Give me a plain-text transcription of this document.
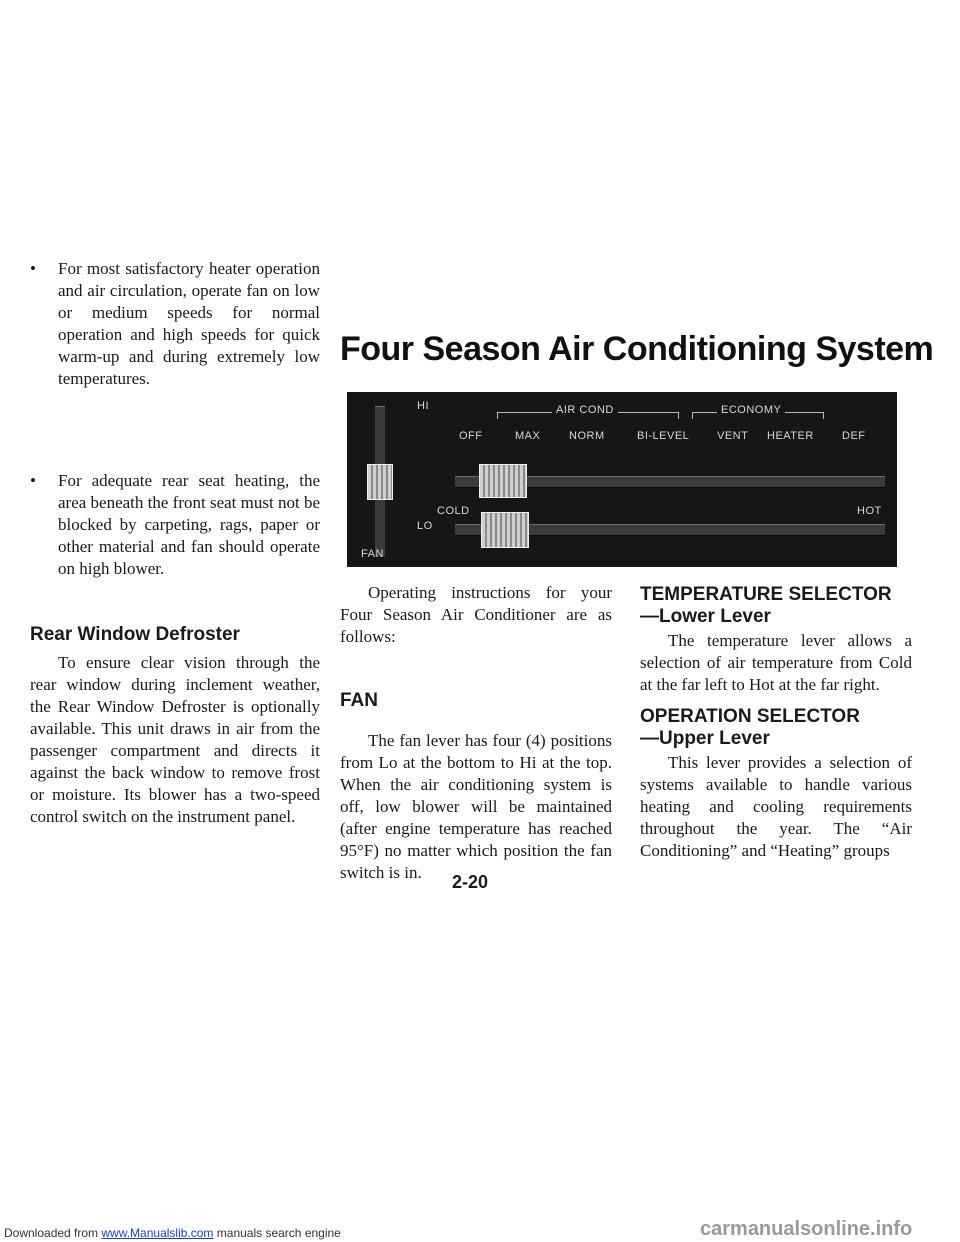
•	For most satisfactory heater operation and air circulation, operate fan on low or medium speeds for normal operation and high speeds for quick warm-up and during extremely low temperatures.
•	For adequate rear seat heating, the area beneath the front seat must not be blocked by carpeting, rags, paper or other material and fan should operate on high blower.
Rear Window Defroster
To ensure clear vision through the rear window during inclement weather, the Rear Window Defroster is optionally available. This unit draws in air from the passenger compartment and directs it against the back window to remove frost or moisture. Its blower has a two-speed control switch on the instrument panel.
Four Season Air Conditioning System
HI
LO
FAN
AIR COND	ECONOMY
OFF	MAX	NORM	BI-LEVEL	VENT HEATER	DEF
COLD	HOT
Operating instructions for your Four Season Air Conditioner are as follows:
FAN
The fan lever has four (4) positions from Lo at the bottom to Hi at the top. When the air conditioning system is off, low blower will be maintained (after engine temperature has reached 95°F) no matter which position the fan switch is in.
TEMPERATURE SELECTOR
—Lower Lever
The temperature lever allows a selection of air temperature from Cold at the far left to Hot at the far right.
OPERATION SELECTOR
—Upper Lever
This lever provides a selection of systems available to handle various heating and cooling requirements throughout the year. The “Air Conditioning” and “Heating” groups
2-20
Downloaded from www.Manualslib.com manuals search engine	carmanualsonline.info
